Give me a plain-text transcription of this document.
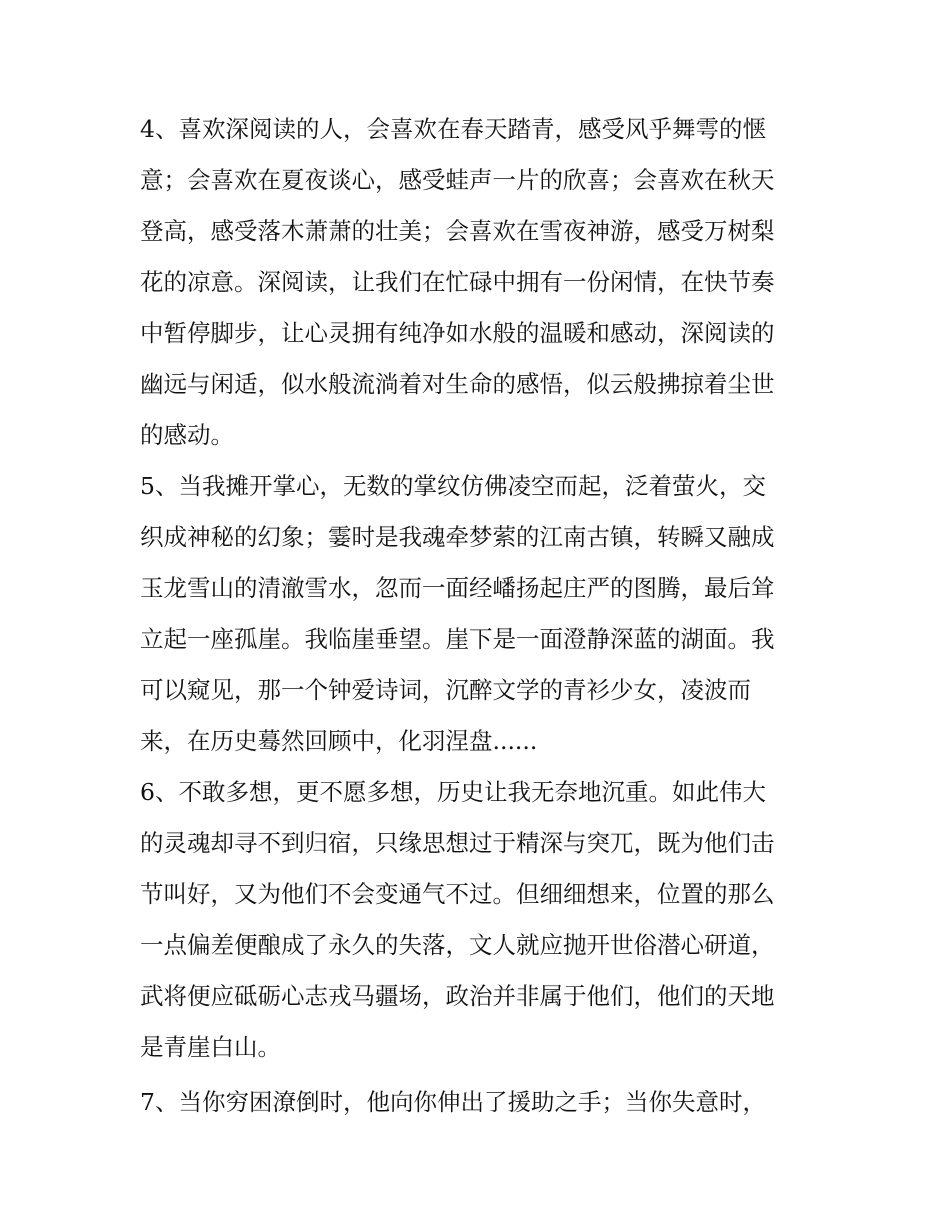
4、喜欢深阅读的人，会喜欢在春天踏青，感受风乎舞雩的惬
意；会喜欢在夏夜谈心，感受蛙声一片的欣喜；会喜欢在秋天
登高，感受落木萧萧的壮美；会喜欢在雪夜神游，感受万树梨
花的凉意。深阅读，让我们在忙碌中拥有一份闲情，在快节奏
中暂停脚步，让心灵拥有纯净如水般的温暖和感动，深阅读的
幽远与闲适，似水般流淌着对生命的感悟，似云般拂掠着尘世
的感动。
5、当我摊开掌心，无数的掌纹仿佛凌空而起，泛着萤火，交
织成神秘的幻象；霎时是我魂牵梦萦的江南古镇，转瞬又融成
玉龙雪山的清澈雪水，忽而一面经嶓扬起庄严的图腾，最后耸
立起一座孤崖。我临崖垂望。崖下是一面澄静深蓝的湖面。我
可以窥见，那一个钟爱诗词，沉醉文学的青衫少女，凌波而
来，在历史蓦然回顾中，化羽涅盘......
6、不敢多想，更不愿多想，历史让我无奈地沉重。如此伟大
的灵魂却寻不到归宿，只缘思想过于精深与突兀，既为他们击
节叫好，又为他们不会变通气不过。但细细想来，位置的那么
一点偏差便酿成了永久的失落，文人就应抛开世俗潜心研道，
武将便应砥砺心志戎马疆场，政治并非属于他们，他们的天地
是青崖白山。
7、当你穷困潦倒时，他向你伸出了援助之手；当你失意时，
